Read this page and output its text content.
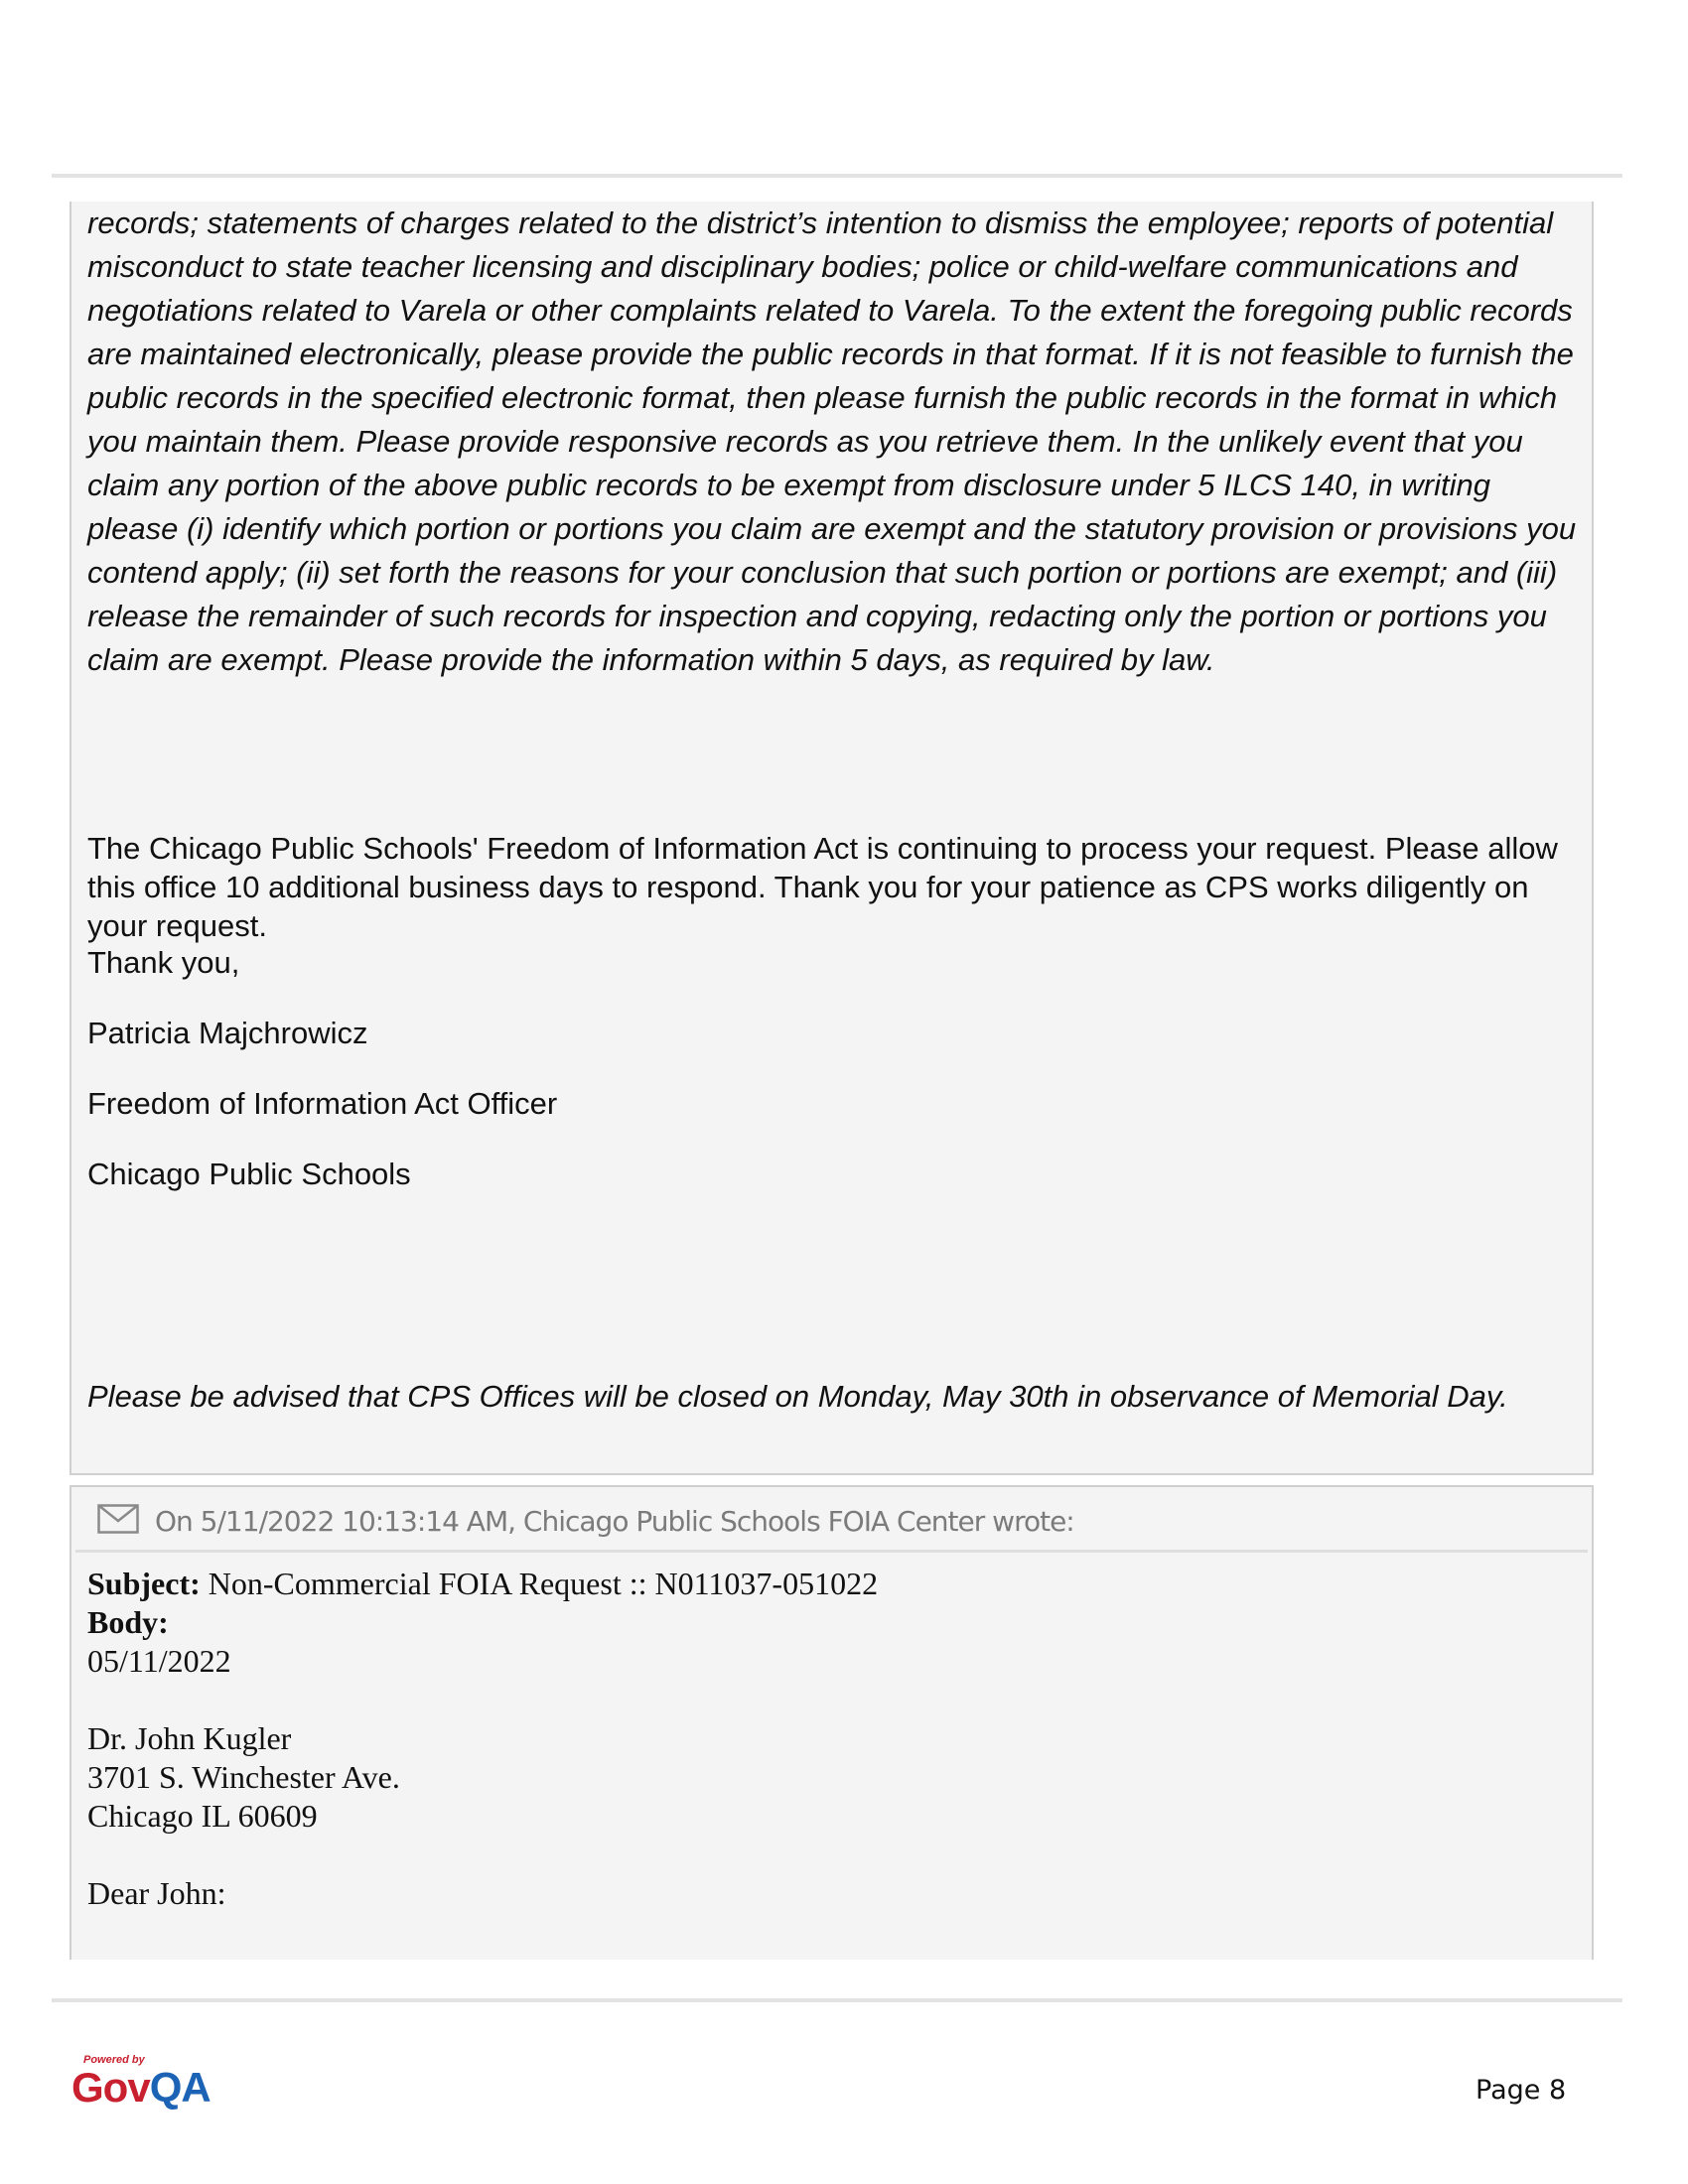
records; statements of charges related to the district’s intention to dismiss the employee; reports of potential misconduct to state teacher licensing and disciplinary bodies; police or child-welfare communications and negotiations related to Varela or other complaints related to Varela. To the extent the foregoing public records are maintained electronically, please provide the public records in that format. If it is not feasible to furnish the public records in the specified electronic format, then please furnish the public records in the format in which you maintain them. Please provide responsive records as you retrieve them. In the unlikely event that you claim any portion of the above public records to be exempt from disclosure under 5 ILCS 140, in writing please (i) identify which portion or portions you claim are exempt and the statutory provision or provisions you contend apply; (ii) set forth the reasons for your conclusion that such portion or portions are exempt; and (iii) release the remainder of such records for inspection and copying, redacting only the portion or portions you claim are exempt. Please provide the information within 5 days, as required by law.

The Chicago Public Schools' Freedom of Information Act is continuing to process your request. Please allow this office 10 additional business days to respond. Thank you for your patience as CPS works diligently on your request.

Thank you,

Patricia Majchrowicz

Freedom of Information Act Officer

Chicago Public Schools

Please be advised that CPS Offices will be closed on Monday, May 30th in observance of Memorial Day.

On 5/11/2022 10:13:14 AM, Chicago Public Schools FOIA Center wrote:
Subject: Non-Commercial FOIA Request :: N011037-051022
Body:
05/11/2022
Dr. John Kugler
3701 S. Winchester Ave.
Chicago IL 60609
Dear John:
Powered by
GovQA	Page 8
